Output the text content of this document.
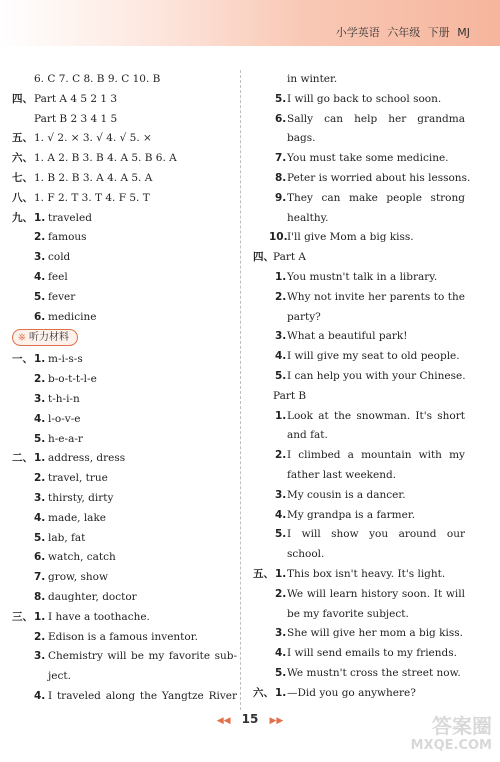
小学英语 六年级 下册 MJ
6. C 7. C 8. B 9. C 10. B
四、 Part A 4 5 2 1 3
Part B 2 3 4 1 5
五、 1. √ 2. × 3. √ 4. √ 5. ×
六、 1. A 2. B 3. B 4. A 5. B 6. A
七、 1. B 2. B 3. A 4. A 5. A
八、 1. F 2. T 3. T 4. F 5. T
九、 1. traveled
2. famous
3. cold
4. feel
5. fever
6. medicine
⎈ 听力材料
一、 1. m-i-s-s
2. b-o-t-t-l-e
3. t-h-i-n
4. l-o-v-e
5. h-e-a-r
二、 1. address, dress
2. travel, true
3. thirsty, dirty
4. made, lake
5. lab, fat
6. watch, catch
7. grow, show
8. daughter, doctor
三、 1. I have a toothache.
2. Edison is a famous inventor.
3. Chemistry will be my favorite sub-
ject.
4. I traveled along the Yangtze River
in winter.
5. I will go back to school soon.
6. Sally can help her grandma
bags.
7. You must take some medicine.
8. Peter is worried about his lessons.
9. They can make people strong
healthy.
10. I'll give Mom a big kiss.
四、 Part A
1. You mustn't talk in a library.
2. Why not invite her parents to the
party?
3. What a beautiful park!
4. I will give my seat to old people.
5. I can help you with your Chinese.
Part B
1. Look at the snowman. It's short
and fat.
2. I climbed a mountain with my
father last weekend.
3. My cousin is a dancer.
4. My grandpa is a farmer.
5. I will show you around our
school.
五、 1. This box isn't heavy. It's light.
2. We will learn history soon. It will
be my favorite subject.
3. She will give her mom a big kiss.
4. I will send emails to my friends.
5. We mustn't cross the street now.
六、 1. —Did you go anywhere?
◀◀ 15 ▶▶	答案圈
MXQE.COM
